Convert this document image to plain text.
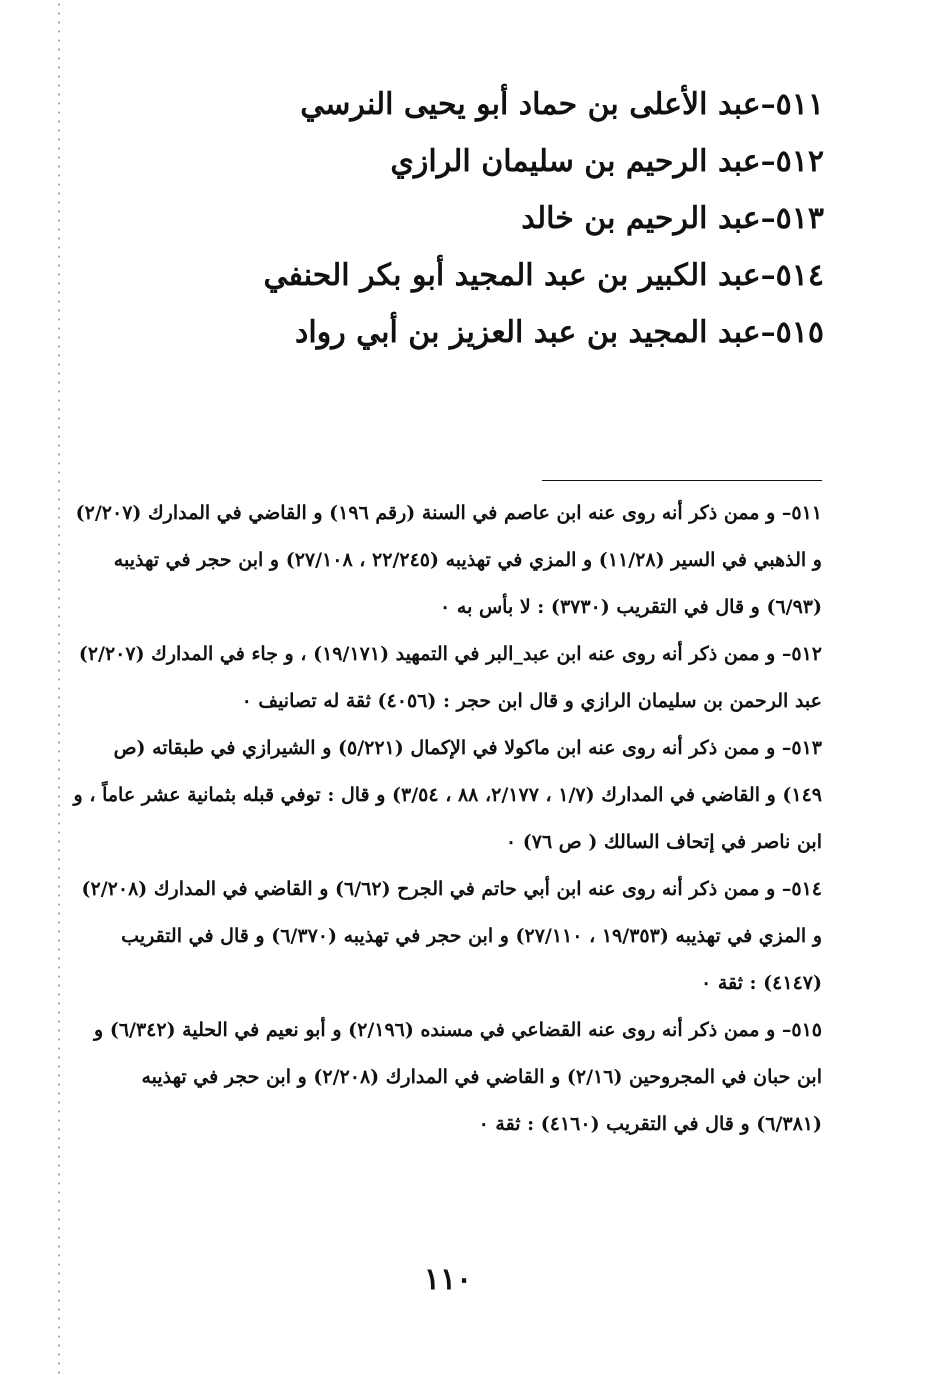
٥١١–عبد الأعلى بن حماد أبو يحيى النرسي
٥١٢–عبد الرحيم بن سليمان الرازي
٥١٣–عبد الرحيم بن خالد
٥١٤–عبد الكبير بن عبد المجيد أبو بكر الحنفي
٥١٥–عبد المجيد بن عبد العزيز بن أبي رواد

٥١١– و ممن ذكر أنه روى عنه ابن عاصم في السنة (رقم ١٩٦) و القاضي في المدارك (٢/٢٠٧) و الذهبي في السير (١١/٢٨) و المزي في تهذيبه (٢٢/٢٤٥ ، ٢٧/١٠٨) و ابن حجر في تهذيبه (٦/٩٣) و قال في التقريب (٣٧٣٠) : لا بأس به ٠

٥١٢– و ممن ذكر أنه روى عنه ابن عبد_البر في التمهيد (١٩/١٧١) ، و جاء في المدارك (٢/٢٠٧) عبد الرحمن بن سليمان الرازي و قال ابن حجر : (٤٠٥٦) ثقة له تصانيف ٠

٥١٣– و ممن ذكر أنه روى عنه ابن ماكولا في الإكمال (٥/٢٢١) و الشيرازي في طبقاته (ص ١٤٩) و القاضي في المدارك (١/٧ ، ٢/١٧٧، ٨٨ ، ٣/٥٤) و قال : توفي قبله بثمانية عشر عاماً ، و ابن ناصر في إتحاف السالك ( ص ٧٦) ٠

٥١٤– و ممن ذكر أنه روى عنه ابن أبي حاتم في الجرح (٦/٦٢) و القاضي في المدارك (٢/٢٠٨) و المزي في تهذيبه (١٩/٣٥٣ ، ٢٧/١١٠) و ابن حجر في تهذيبه (٦/٣٧٠) و قال في التقريب (٤١٤٧) : ثقة ٠

٥١٥– و ممن ذكر أنه روى عنه القضاعي في مسنده (٢/١٩٦) و أبو نعيم في الحلية (٦/٣٤٢) و ابن حبان في المجروحين (٢/١٦) و القاضي في المدارك (٢/٢٠٨) و ابن حجر في تهذيبه (٦/٣٨١) و قال في التقريب (٤١٦٠) : ثقة ٠

١١٠
